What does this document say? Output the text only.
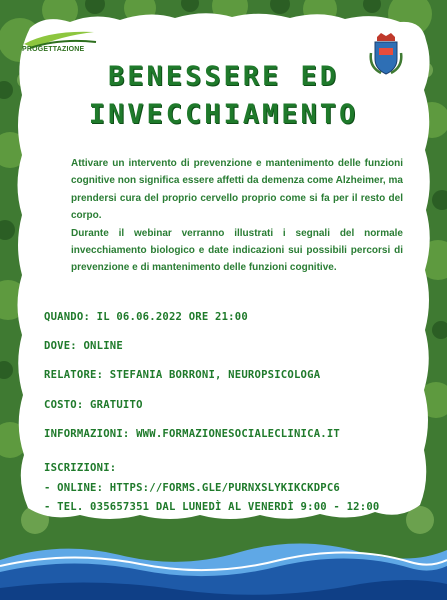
PROGETTAZIONE
BENESSERE ED
INVECCHIAMENTO

Attivare un intervento di prevenzione e mantenimento delle funzioni cognitive non significa essere affetti da demenza come Alzheimer, ma prendersi cura del proprio cervello proprio come si fa per il resto del corpo.

Durante il webinar verranno illustrati i segnali del normale invecchiamento biologico e date indicazioni sui possibili percorsi di prevenzione e di mantenimento delle funzioni cognitive.

QUANDO: IL 06.06.2022 ORE 21:00
DOVE: ONLINE
RELATORE: STEFANIA BORRONI, NEUROPSICOLOGA
COSTO: GRATUITO
INFORMAZIONI: WWW.FORMAZIONESOCIALECLINICA.IT
ISCRIZIONI:
- ONLINE: HTTPS://FORMS.GLE/PURNXSLYKIKCKDPC6
- TEL. 035657351 DAL LUNEDÌ AL VENERDÌ 9:00 - 12:00
